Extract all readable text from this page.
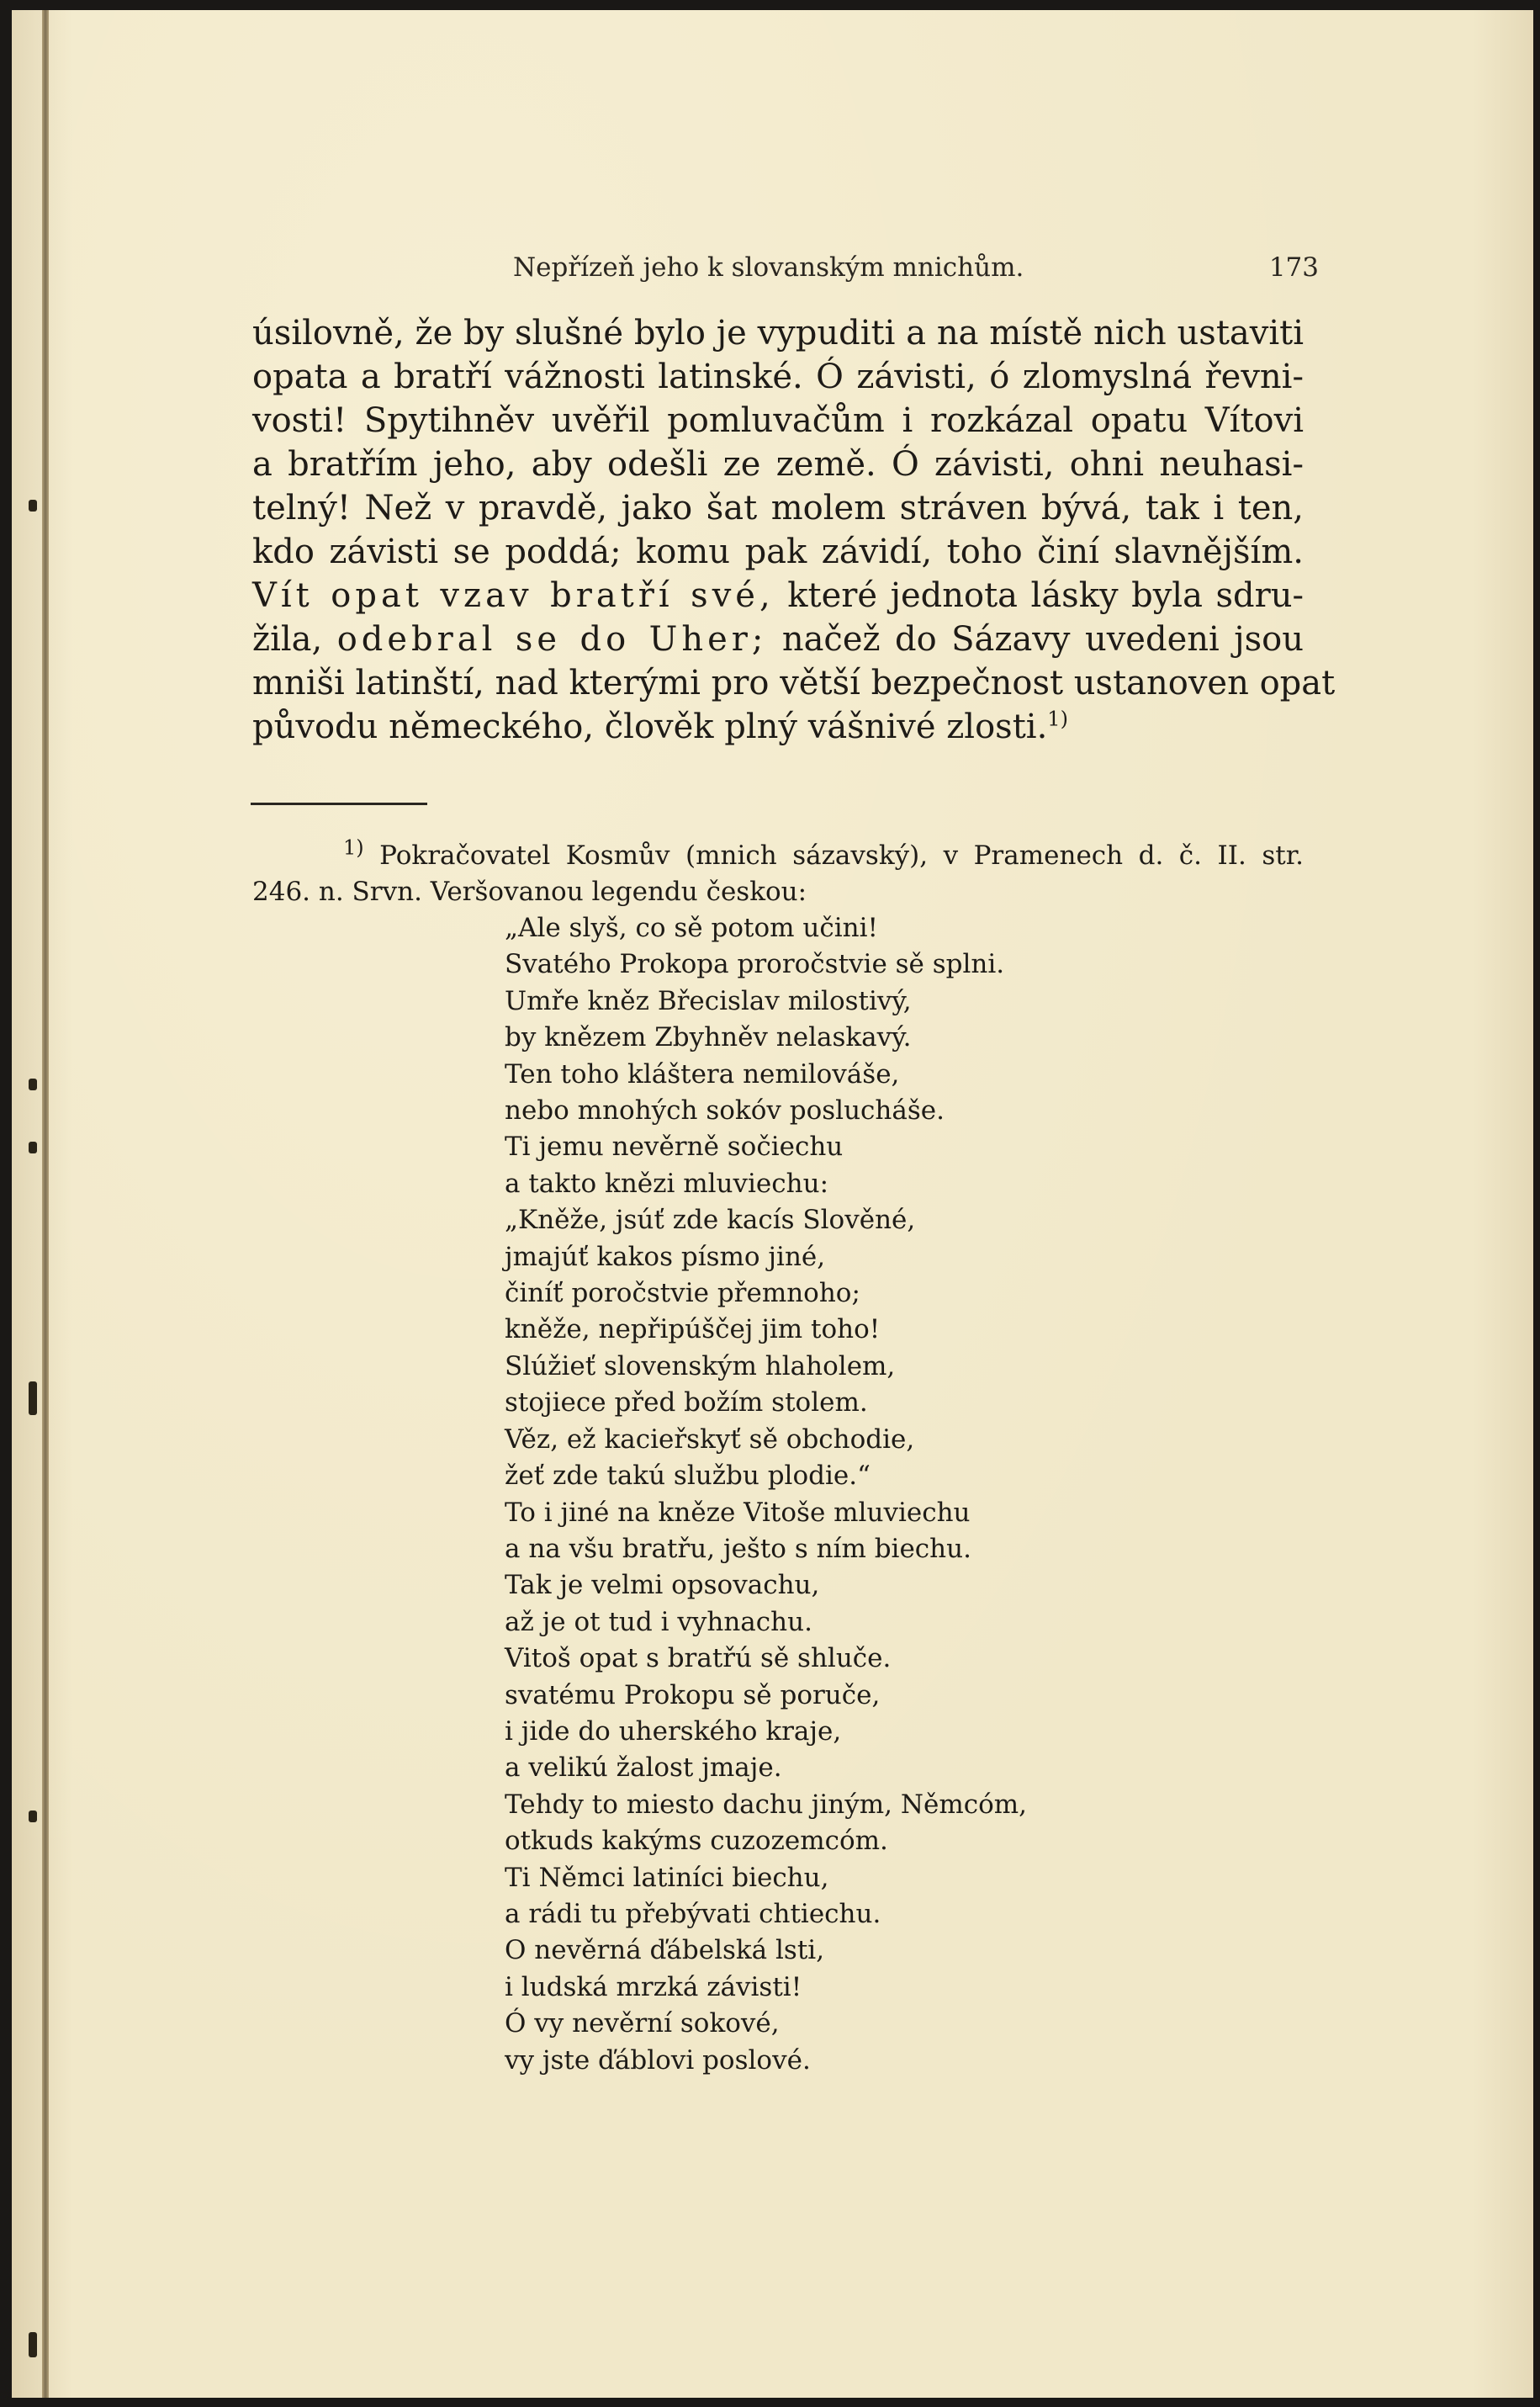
Nepřízeň jeho k slovanským mnichům.	173
úsilovně, že by slušné bylo je vypuditi a na místě nich ustaviti
opata a bratří vážnosti latinské. Ó závisti, ó zlomyslná řevni-
vosti! Spytihněv uvěřil pomluvačům i rozkázal opatu Vítovi
a bratřím jeho, aby odešli ze země. Ó závisti, ohni neuhasi-
telný! Než v pravdě, jako šat molem stráven bývá, tak i ten,
kdo závisti se poddá; komu pak závidí, toho činí slavnějším.
Vít opat vzav bratří své, které jednota lásky byla sdru-
žila, odebral se do Uher; načež do Sázavy uvedeni jsou
mniši latinští, nad kterými pro větší bezpečnost ustanoven opat
původu německého, člověk plný vášnivé zlosti.$^{1)}$
$^{1)}$ Pokračovatel Kosmův (mnich sázavský), v Pramenech d. č. II. str.
246. n. Srvn. Veršovanou legendu českou:
„Ale slyš, co sě potom učini!
Svatého Prokopa proročstvie sě splni.
Umře kněz Břecislav milostivý,
by knězem Zbyhněv nelaskavý.
Ten toho kláštera nemilováše,
nebo mnohých sokóv poslucháše.
Ti jemu nevěrně sočiechu
a takto knězi mluviechu:
„Kněže, jsúť zde kacís Slověné,
jmajúť kakos písmo jiné,
činíť poročstvie přemnoho;
kněže, nepřipúščej jim toho!
Slúžieť slovenským hlaholem,
stojiece před božím stolem.
Věz, ež kacieřskyť sě obchodie,
žeť zde takú službu plodie.“
To i jiné na kněze Vitoše mluviechu
a na všu bratřu, ješto s ním biechu.
Tak je velmi opsovachu,
až je ot tud i vyhnachu.
Vitoš opat s bratřú sě shluče.
svatému Prokopu sě poruče,
i jide do uherského kraje,
a velikú žalost jmaje.
Tehdy to miesto dachu jiným, Němcóm,
otkuds kakýms cuzozemcóm.
Ti Němci latiníci biechu,
a rádi tu přebývati chtiechu.
O nevěrná ďábelská lsti,
i ludská mrzká závisti!
Ó vy nevěrní sokové,
vy jste ďáblovi poslové.
